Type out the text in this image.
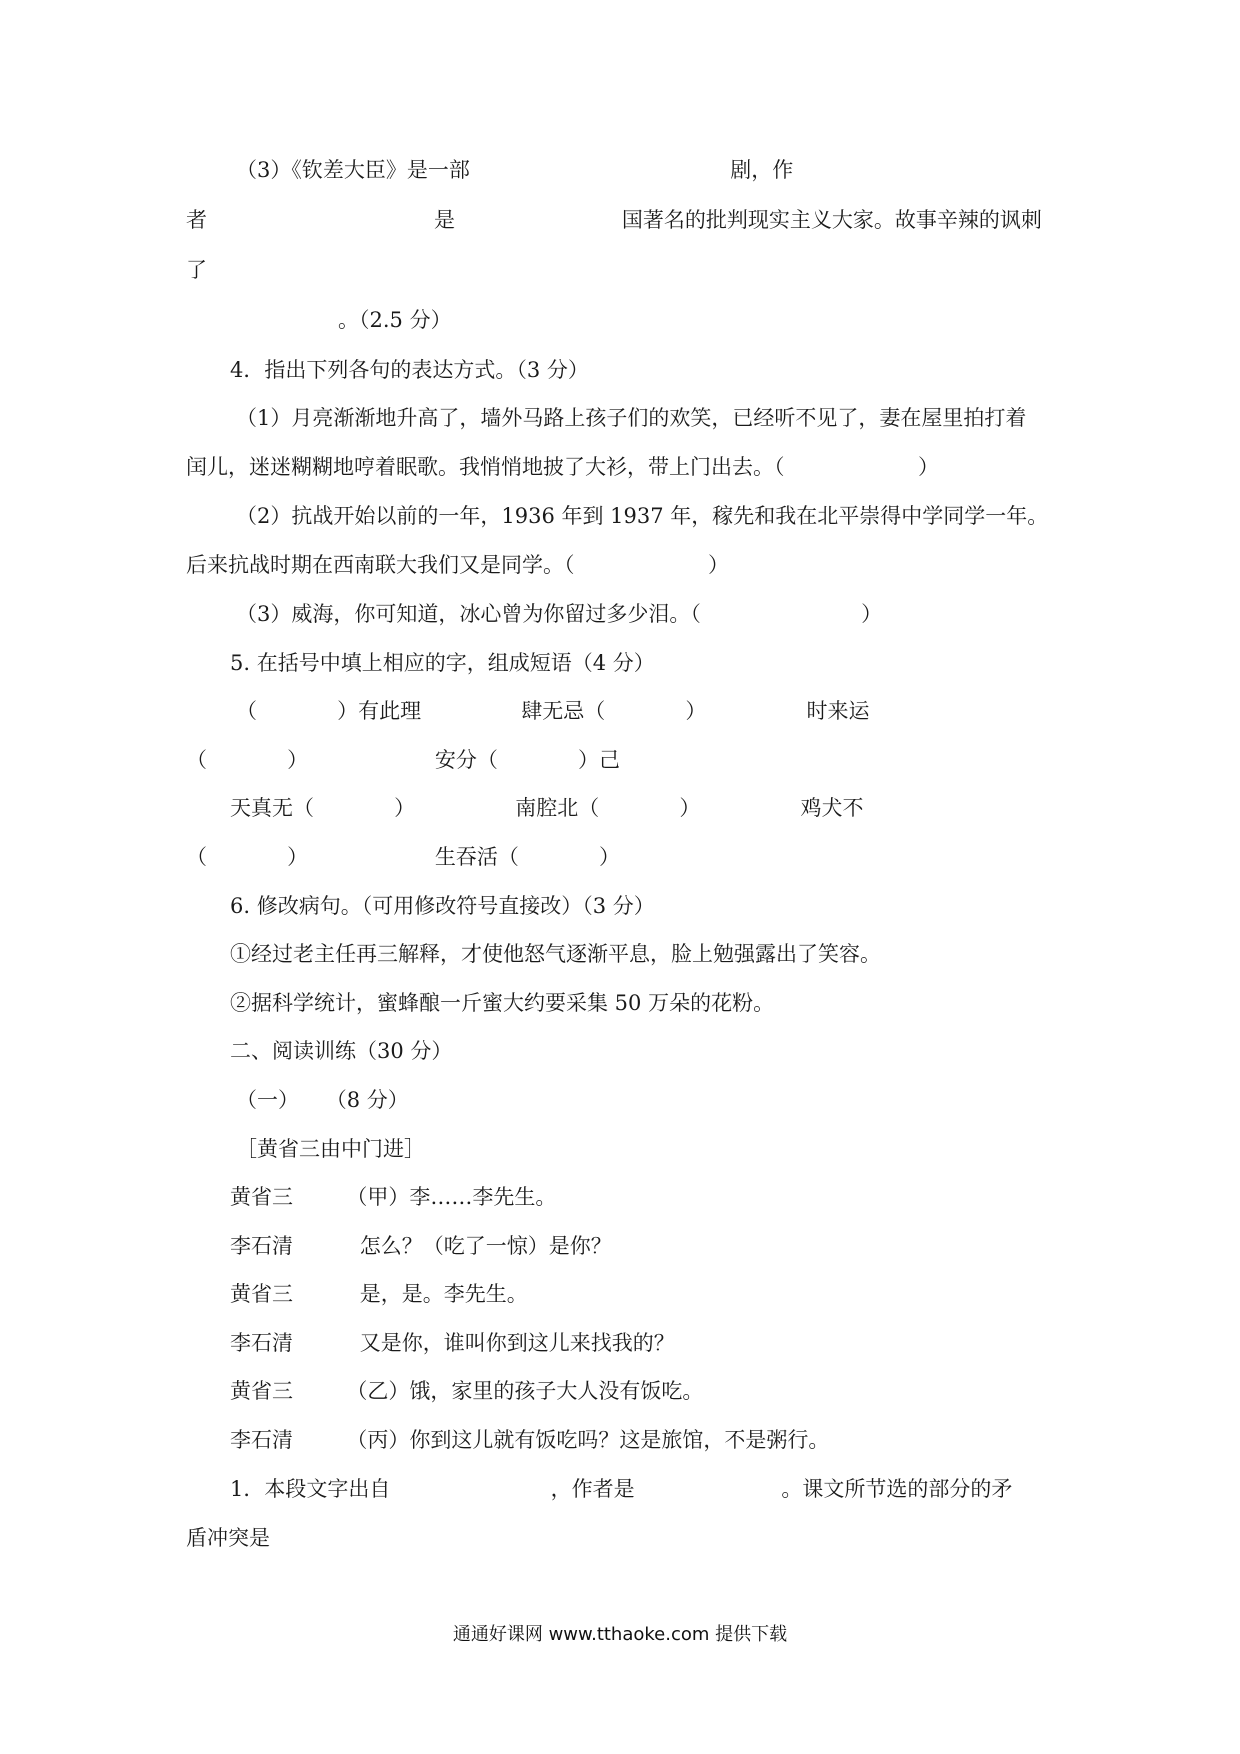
（3）《钦差大臣》是一部                                       剧，作
者                                  是                         国著名的批判现实主义大家。故事辛辣的讽刺
了
。（2.5 分）
4．指出下列各句的表达方式。（3 分）
（1）月亮渐渐地升高了，墙外马路上孩子们的欢笑，已经听不见了，妻在屋里拍打着
闰儿，迷迷糊糊地哼着眠歌。我悄悄地披了大衫，带上门出去。（                    ）
（2）抗战开始以前的一年，1936 年到 1937 年，稼先和我在北平崇得中学同学一年。
后来抗战时期在西南联大我们又是同学。（                    ）
（3）威海，你可知道，冰心曾为你留过多少泪。（                        ）
5. 在括号中填上相应的字，组成短语（4 分）
（            ）有此理               肆无忌（            ）               时来运
（            ）                   安分（            ）己
天真无（            ）               南腔北（            ）               鸡犬不
（            ）                   生吞活（            ）
6. 修改病句。（可用修改符号直接改）（3 分）
①经过老主任再三解释，才使他怒气逐渐平息，脸上勉强露出了笑容。
②据科学统计，蜜蜂酿一斤蜜大约要采集 50 万朵的花粉。
二、阅读训练（30 分）
（一）    （8 分）
［黄省三由中门进］
黄省三        （甲）李……李先生。
李石清          怎么？（吃了一惊）是你？
黄省三          是，是。李先生。
李石清          又是你，谁叫你到这儿来找我的？
黄省三        （乙）饿，家里的孩子大人没有饭吃。
李石清        （丙）你到这儿就有饭吃吗？这是旅馆，不是粥行。
1．本段文字出自                        ，作者是                      。课文所节选的部分的矛
盾冲突是
通通好课网 www.tthaoke.com 提供下载
